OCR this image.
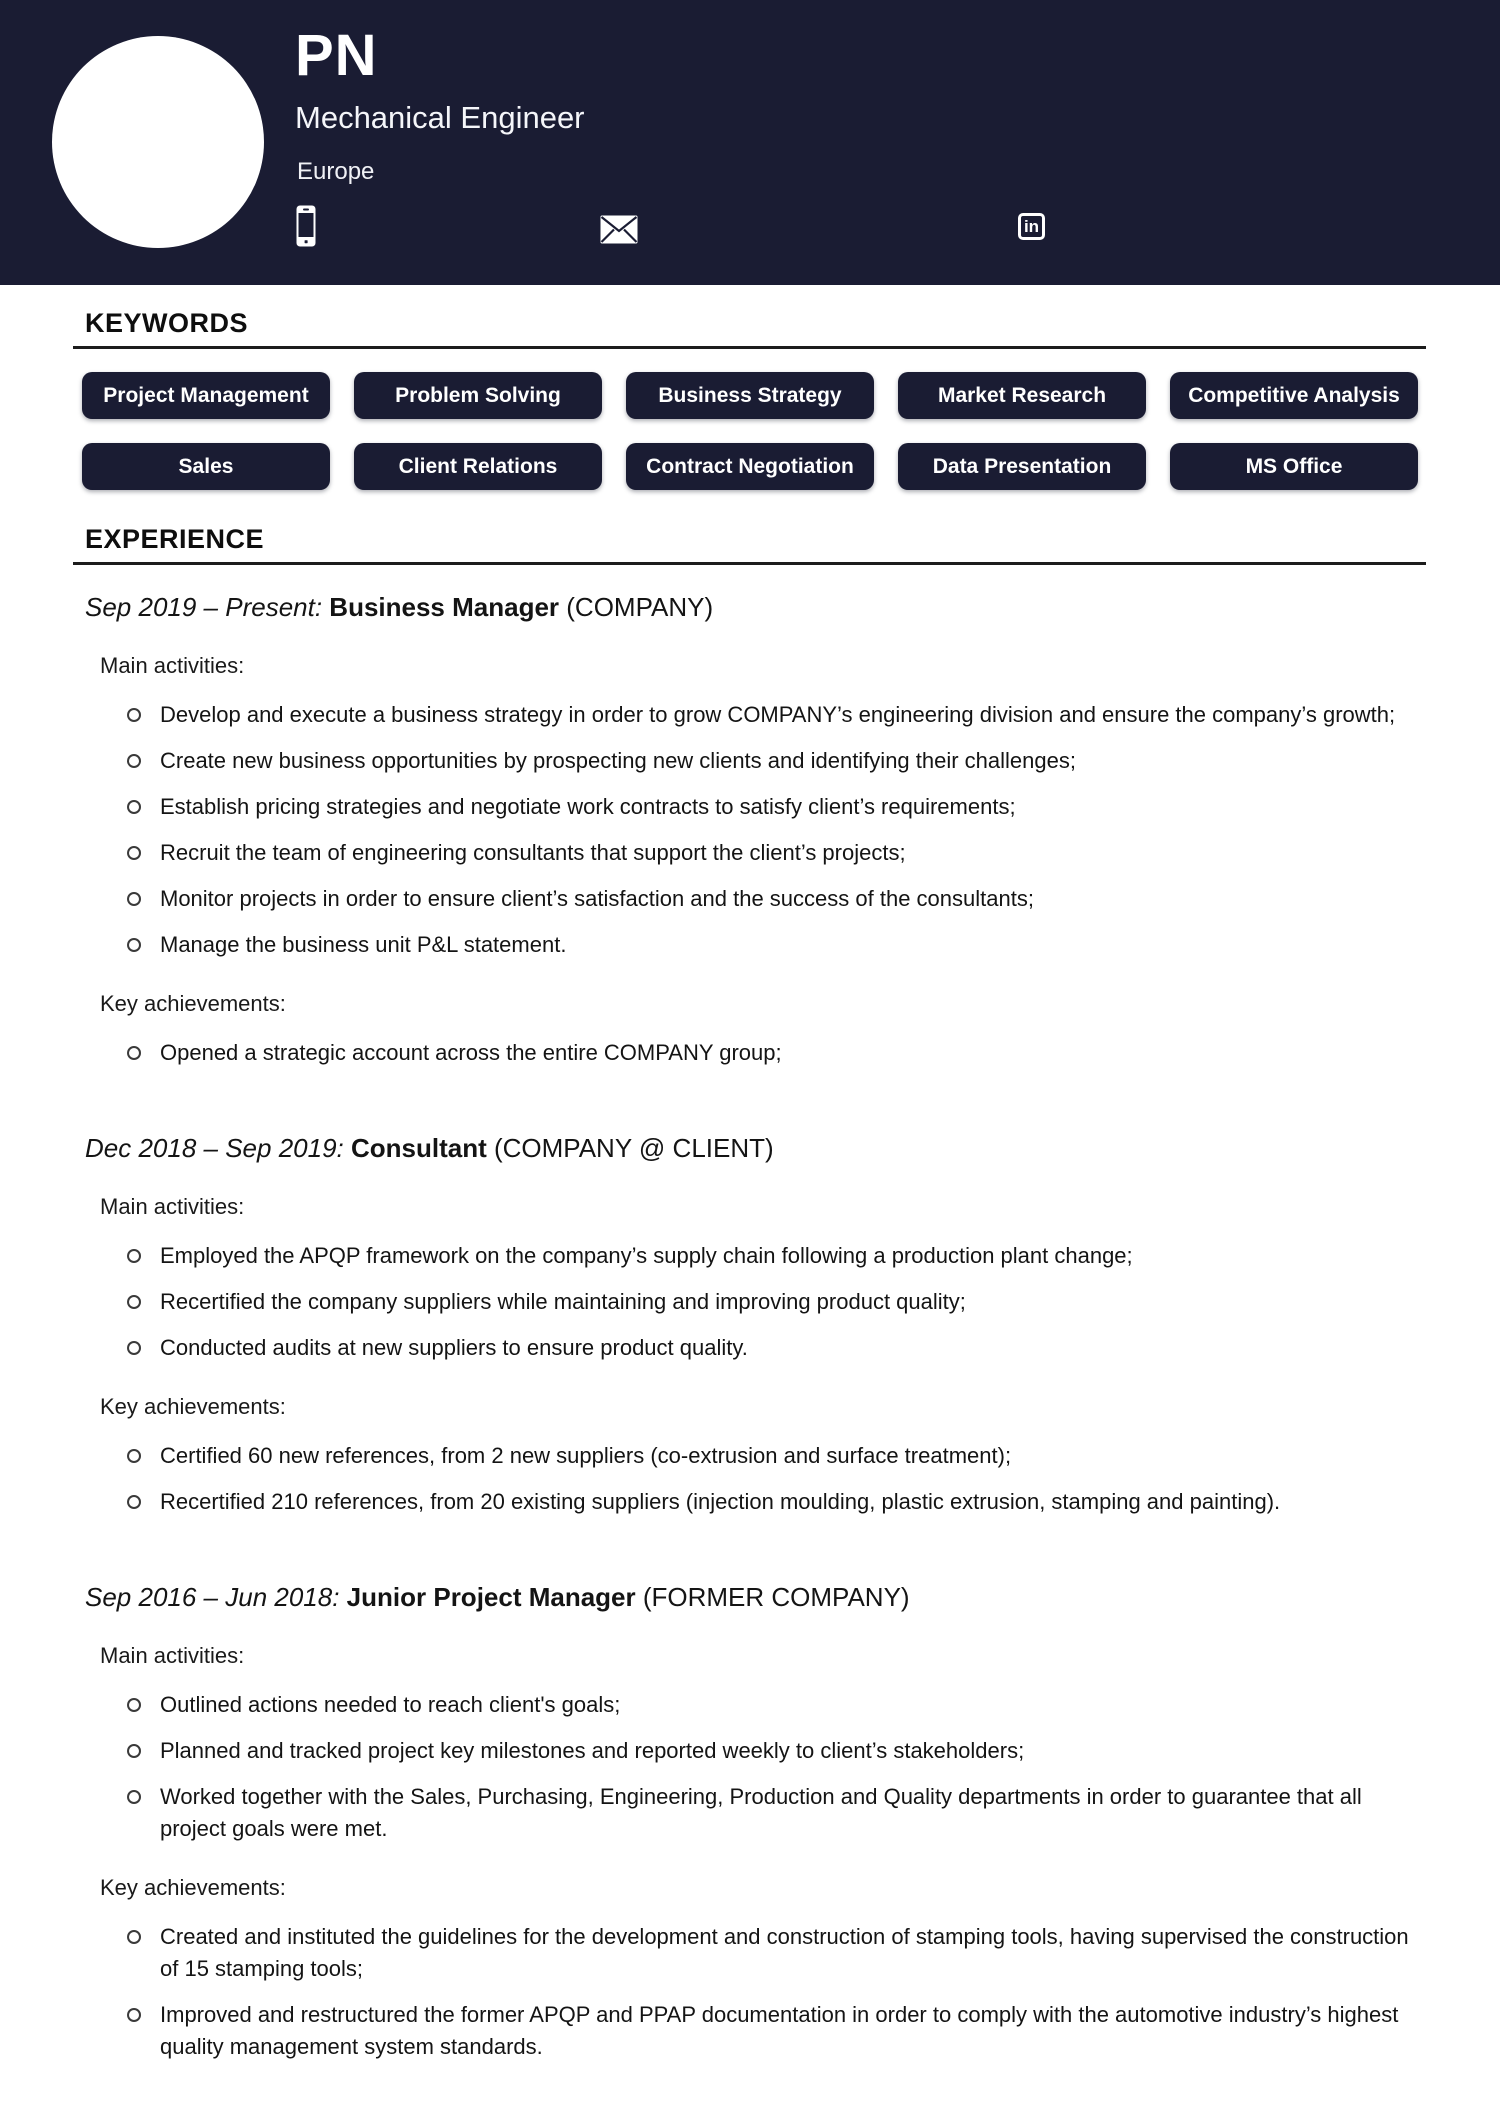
PN
Mechanical Engineer
Europe
in
KEYWORDS
Project Management	Problem Solving	Business Strategy	Market Research	Competitive Analysis
Sales	Client Relations	Contract Negotiation	Data Presentation	MS Office
EXPERIENCE
Sep 2019 – Present: Business Manager (COMPANY)

Main activities:

Develop and execute a business strategy in order to grow COMPANY’s engineering division and ensure the company’s growth;
Create new business opportunities by prospecting new clients and identifying their challenges;
Establish pricing strategies and negotiate work contracts to satisfy client’s requirements;
Recruit the team of engineering consultants that support the client’s projects;
Monitor projects in order to ensure client’s satisfaction and the success of the consultants;
Manage the business unit P&L statement.

Key achievements:

Opened a strategic account across the entire COMPANY group;
Dec 2018 – Sep 2019: Consultant (COMPANY @ CLIENT)

Main activities:

Employed the APQP framework on the company’s supply chain following a production plant change;
Recertified the company suppliers while maintaining and improving product quality;
Conducted audits at new suppliers to ensure product quality.

Key achievements:

Certified 60 new references, from 2 new suppliers (co-extrusion and surface treatment);
Recertified 210 references, from 20 existing suppliers (injection moulding, plastic extrusion, stamping and painting).
Sep 2016 – Jun 2018: Junior Project Manager (FORMER COMPANY)

Main activities:

Outlined actions needed to reach client's goals;
Planned and tracked project key milestones and reported weekly to client’s stakeholders;
Worked together with the Sales, Purchasing, Engineering, Production and Quality departments in order to guarantee that all project goals were met.

Key achievements:

Created and instituted the guidelines for the development and construction of stamping tools, having supervised the construction of 15 stamping tools;
Improved and restructured the former APQP and PPAP documentation in order to comply with the automotive industry’s highest quality management system standards.
